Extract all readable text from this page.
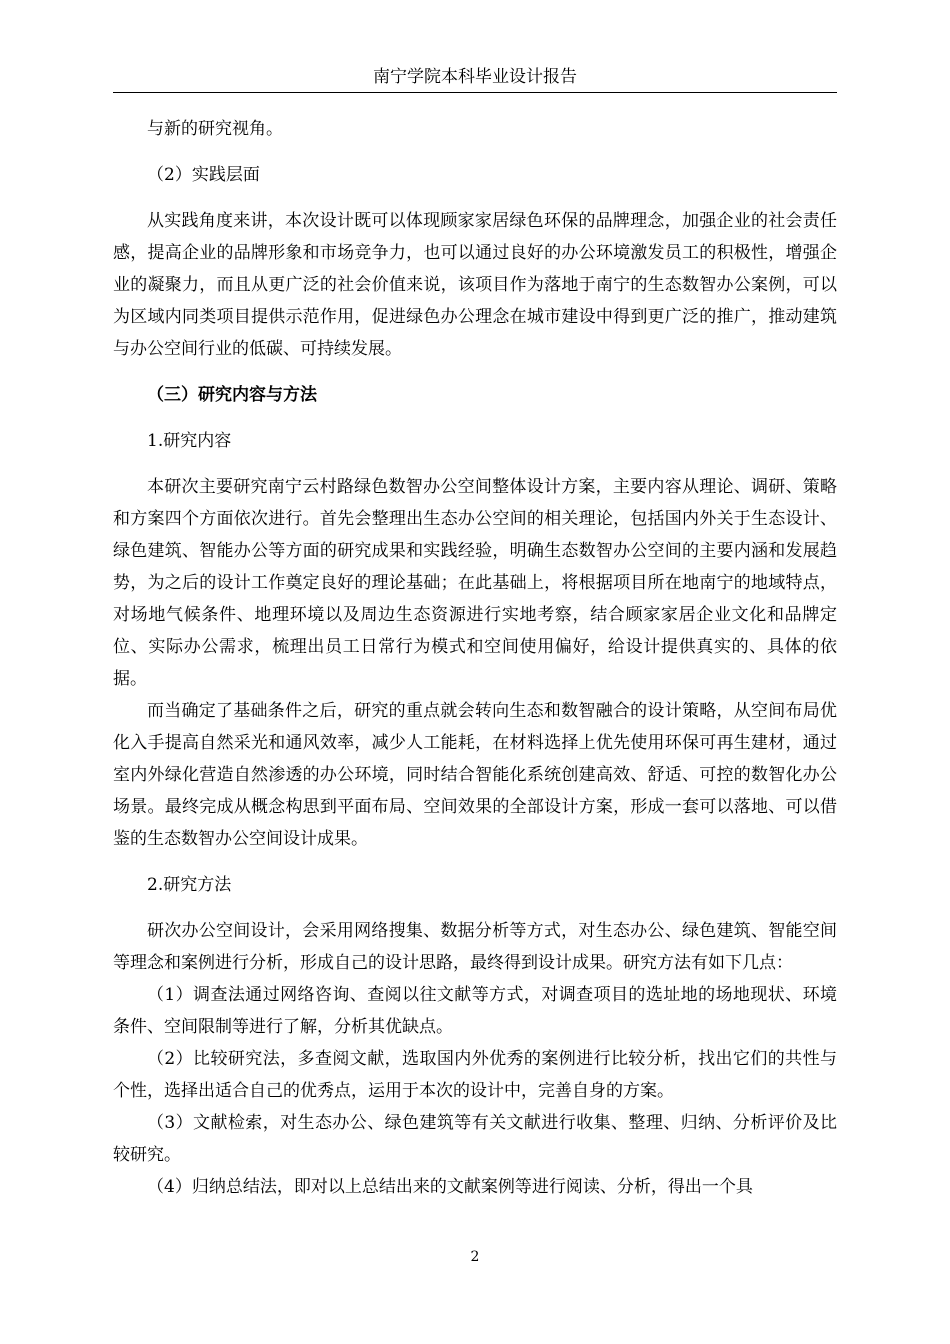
南宁学院本科毕业设计报告

与新的研究视角。

（2）实践层面

从实践角度来讲，本次设计既可以体现顾家家居绿色环保的品牌理念，加强企业的社会责任感，提高企业的品牌形象和市场竞争力，也可以通过良好的办公环境激发员工的积极性，增强企业的凝聚力，而且从更广泛的社会价值来说，该项目作为落地于南宁的生态数智办公案例，可以为区域内同类项目提供示范作用，促进绿色办公理念在城市建设中得到更广泛的推广，推动建筑与办公空间行业的低碳、可持续发展。

（三）研究内容与方法

1.研究内容

本研次主要研究南宁云村路绿色数智办公空间整体设计方案，主要内容从理论、调研、策略和方案四个方面依次进行。首先会整理出生态办公空间的相关理论，包括国内外关于生态设计、绿色建筑、智能办公等方面的研究成果和实践经验，明确生态数智办公空间的主要内涵和发展趋势，为之后的设计工作奠定良好的理论基础；在此基础上，将根据项目所在地南宁的地域特点，对场地气候条件、地理环境以及周边生态资源进行实地考察，结合顾家家居企业文化和品牌定位、实际办公需求，梳理出员工日常行为模式和空间使用偏好，给设计提供真实的、具体的依据。

而当确定了基础条件之后，研究的重点就会转向生态和数智融合的设计策略，从空间布局优化入手提高自然采光和通风效率，减少人工能耗，在材料选择上优先使用环保可再生建材，通过室内外绿化营造自然渗透的办公环境，同时结合智能化系统创建高效、舒适、可控的数智化办公场景。最终完成从概念构思到平面布局、空间效果的全部设计方案，形成一套可以落地、可以借鉴的生态数智办公空间设计成果。

2.研究方法

研次办公空间设计，会采用网络搜集、数据分析等方式，对生态办公、绿色建筑、智能空间等理念和案例进行分析，形成自己的设计思路，最终得到设计成果。研究方法有如下几点：

（1）调查法通过网络咨询、查阅以往文献等方式，对调查项目的选址地的场地现状、环境条件、空间限制等进行了解，分析其优缺点。

（2）比较研究法，多查阅文献，选取国内外优秀的案例进行比较分析，找出它们的共性与个性，选择出适合自己的优秀点，运用于本次的设计中，完善自身的方案。

（3）文献检索，对生态办公、绿色建筑等有关文献进行收集、整理、归纳、分析评价及比较研究。

（4）归纳总结法，即对以上总结出来的文献案例等进行阅读、分析，得出一个具

2
